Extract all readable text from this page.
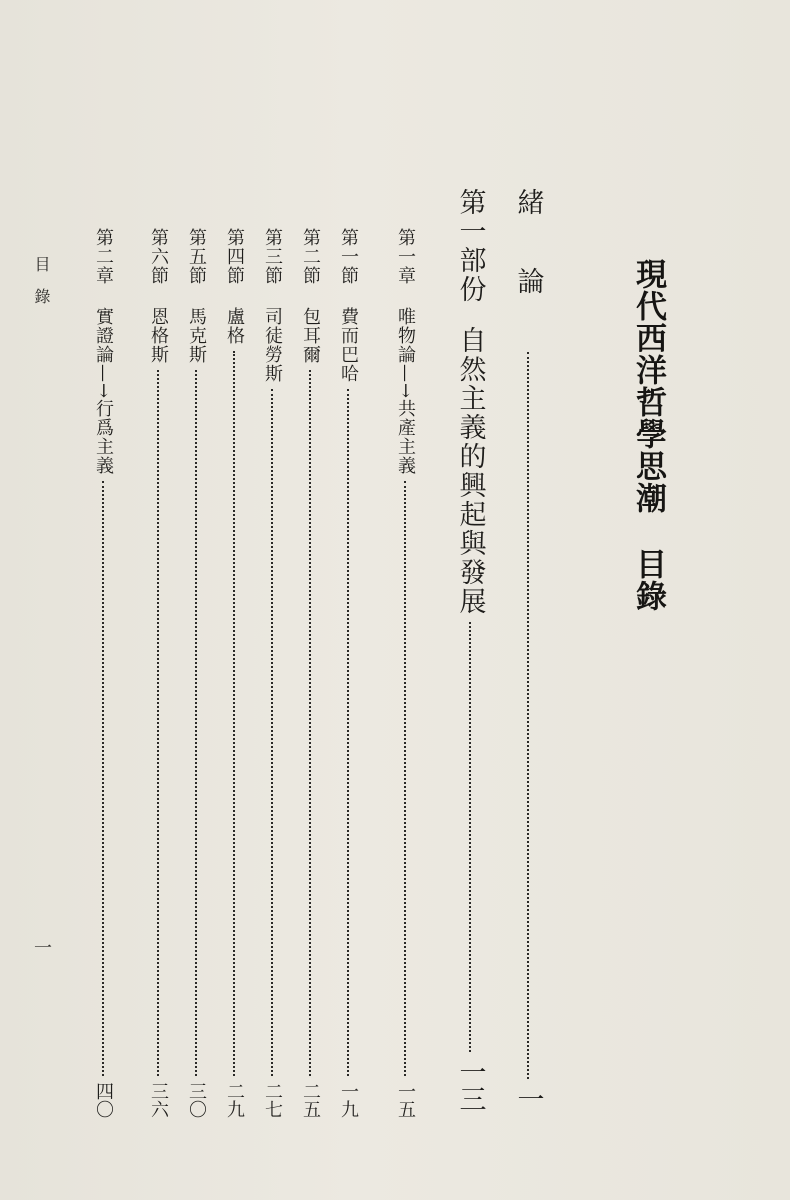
現代西洋哲學思潮目錄
緒論
一
第一部份自然主義的興起與發展
一三
第一章唯物論—→共產主義
一五
第一節費而巴哈
一九
第二節包耳爾
二五
第三節司徒勞斯
二七
第四節盧格
二九
第五節馬克斯
三〇
第六節恩格斯
三六
第二章實證論—→行爲主義
四〇
目錄
一
